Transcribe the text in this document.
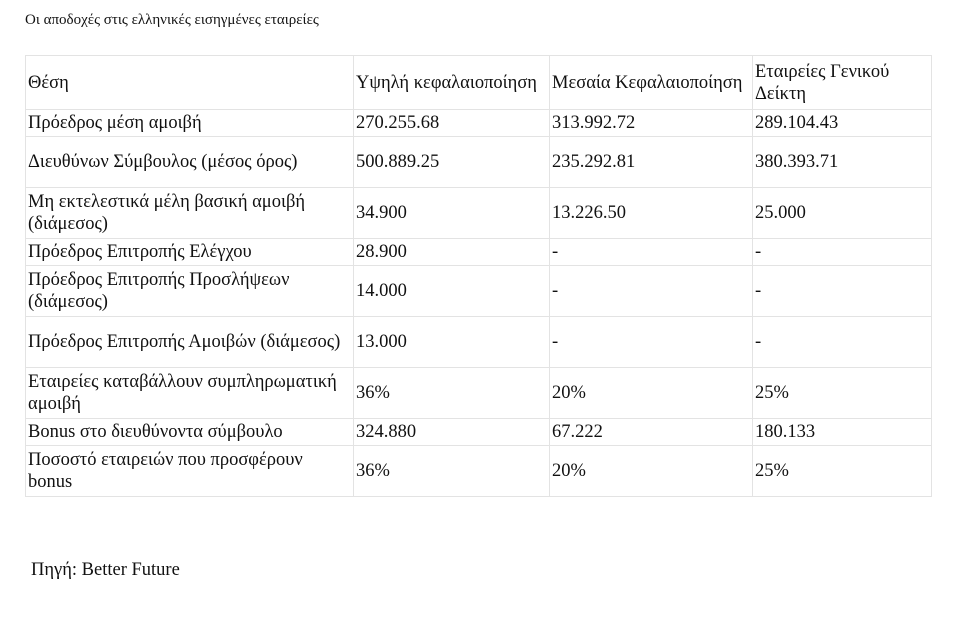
Οι αποδοχές στις ελληνικές εισηγμένες εταιρείες
Θέση	Υψηλή κεφαλαιοποίηση	Μεσαία Κεφαλαιοποίηση	Εταιρείες Γενικού Δείκτη
Πρόεδρος μέση αμοιβή	270.255.68	313.992.72	289.104.43
Διευθύνων Σύμβουλος (μέσος όρος)	500.889.25	235.292.81	380.393.71
Μη εκτελεστικά μέλη βασική αμοιβή (διάμεσος)	34.900	13.226.50	25.000
Πρόεδρος Επιτροπής Ελέγχου	28.900	-	-
Πρόεδρος Επιτροπής Προσλήψεων (διάμεσος)	14.000	-	-
Πρόεδρος Επιτροπής Αμοιβών (διάμεσος)	13.000	-	-
Εταιρείες καταβάλλουν συμπληρωματική αμοιβή	36%	20%	25%
Bonus στο διευθύνοντα σύμβουλο	324.880	67.222	180.133
Ποσοστό εταιρειών που προσφέρουν bonus	36%	20%	25%
Πηγή: Better Future
